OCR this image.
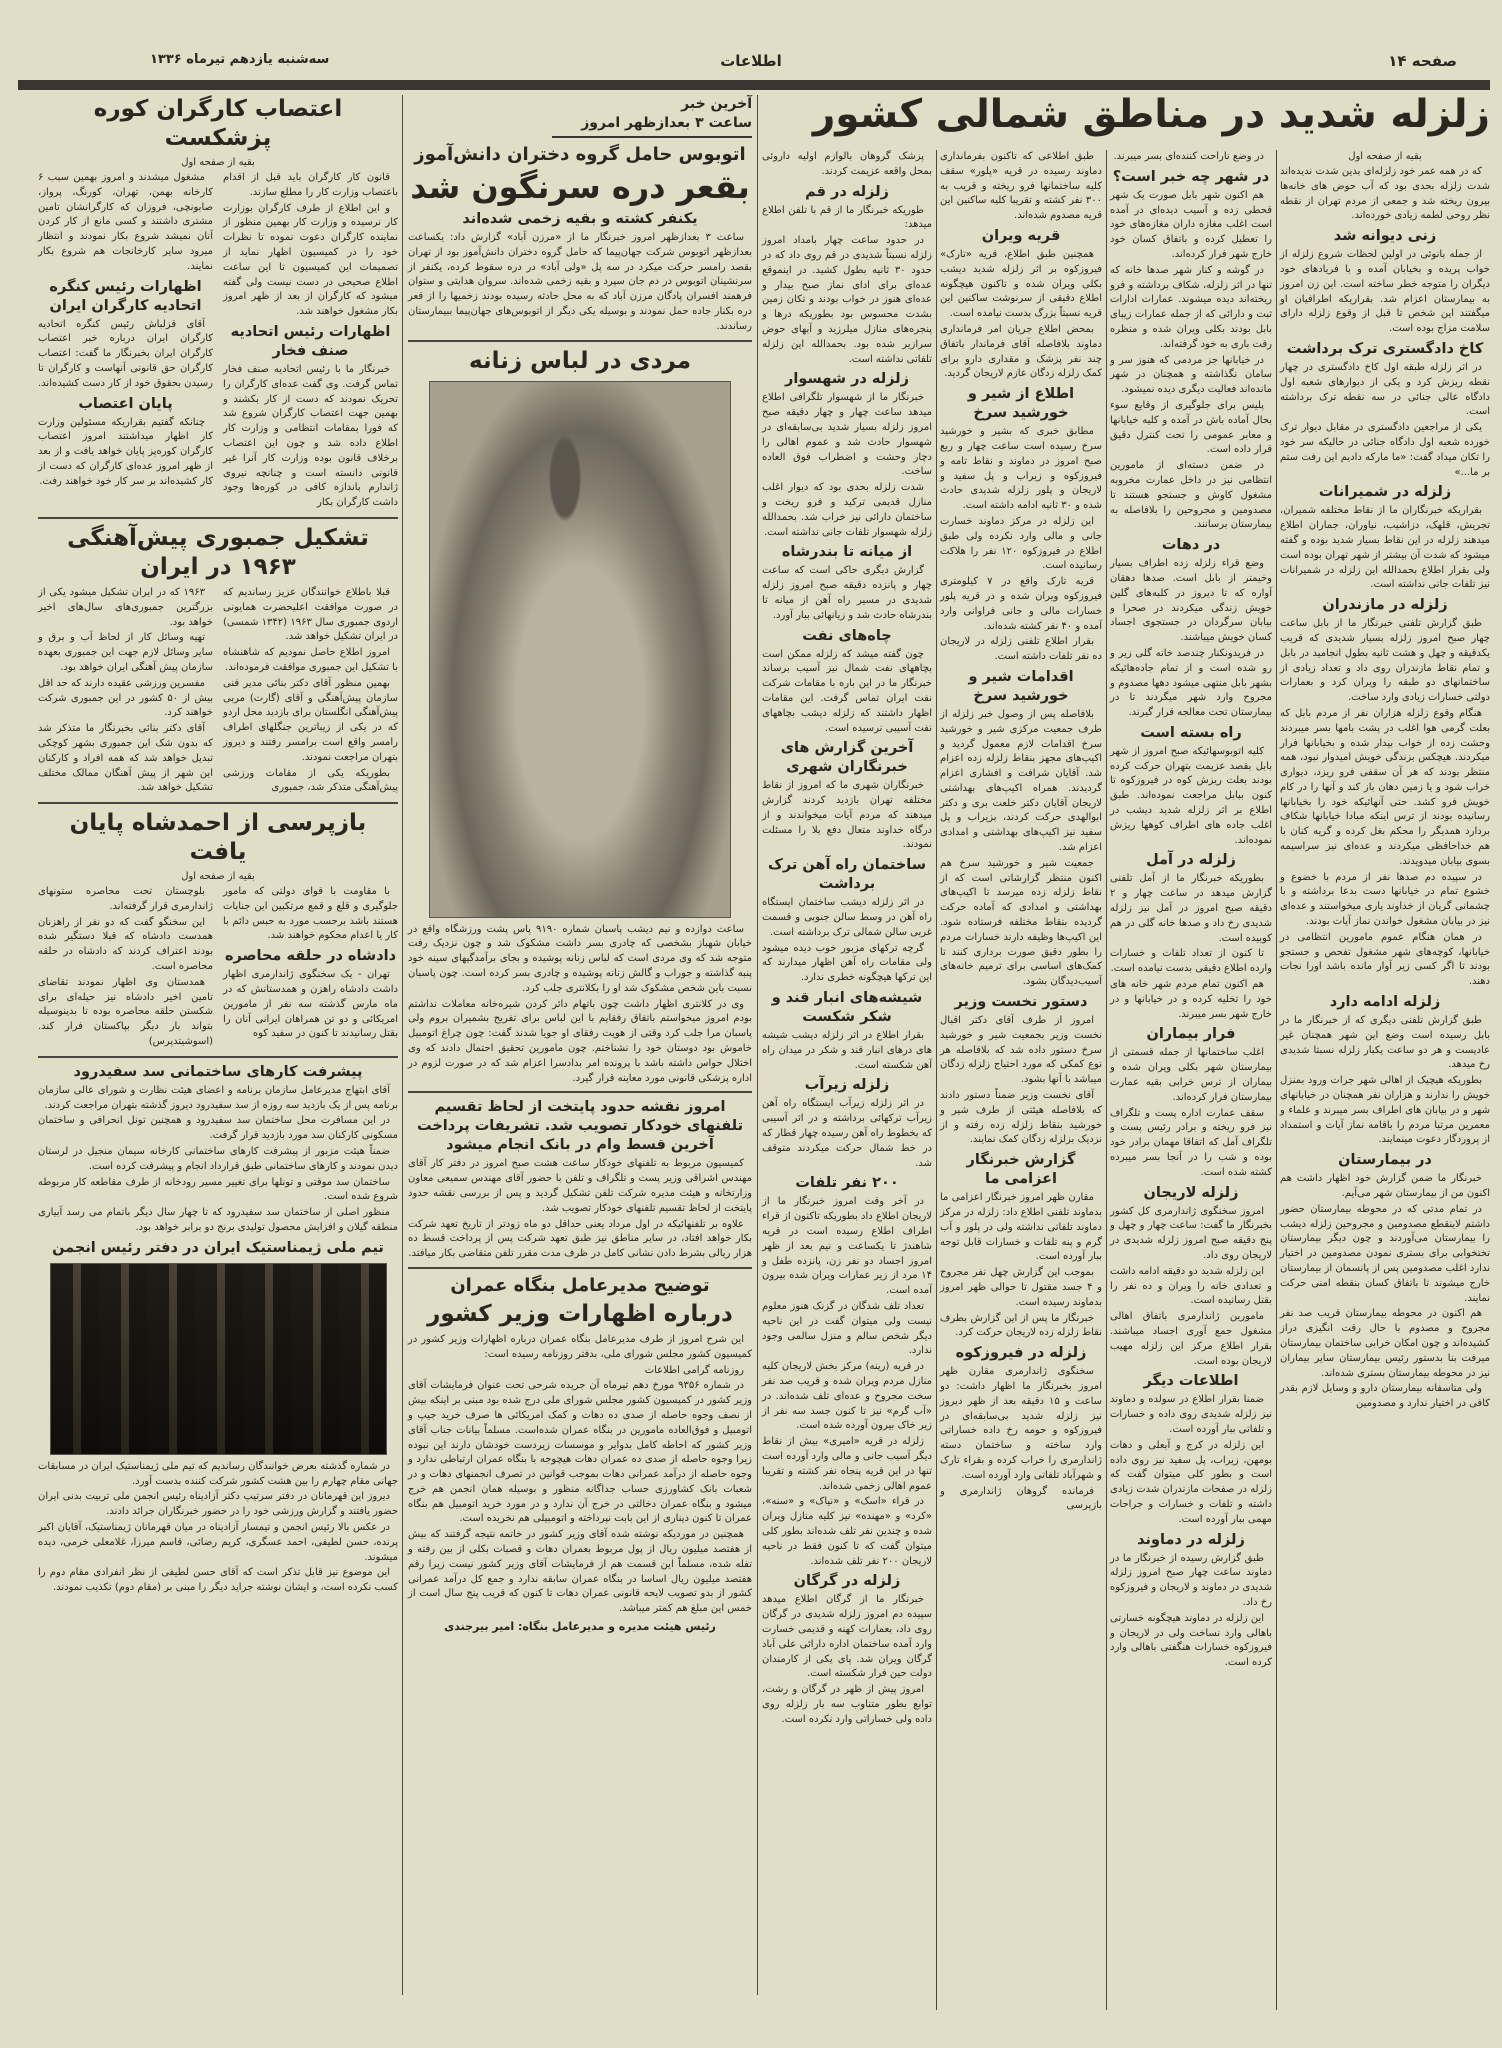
صفحه ۱۴
اطلاعات
سه‌شنبه یازدهم تیرماه ۱۳۳۶
زلزله شدید در مناطق شمالی کشور
بقیه از صفحه اول
که در همه عمر خود زلزله‌ای بدین شدت ندیده‌اند شدت زلزله بحدی بود که آب حوض های خانه‌ها بیرون ریخته شد و جمعی از مردم تهران از نقطه نظر روحی لطمه زیادی خورده‌اند.
زنی دیوانه شد
از جمله بانوئی در اولین لحظات شروع زلزله از خواب پریده و بخیابان آمده و با فریادهای خود دیگران را متوجه خطر ساخته است. این زن امروز به بیمارستان اعزام شد. بقراریکه اطرافیان او میگفتند این شخص تا قبل از وقوع زلزله دارای سلامت مزاج بوده است.
کاخ دادگستری ترک برداشت
در اثر زلزله طبقه اول کاخ دادگستری در چهار نقطه ریزش کرد و یکی از دیوارهای شعبه اول دادگاه عالی جنائی در سه نقطه ترک برداشته است.
یکی از مراجعین دادگستری در مقابل دیوار ترک خورده شعبه اول دادگاه جنائی در حالیکه سر خود را تکان میداد گفت: «ما مارکه دادیم این رفت ستم بر ما...»
زلزله در شمیرانات
بقراریکه خبرنگاران ما از نقاط مختلفه شمیران، تجریش، قلهک، دزاشیب، نیاوران، جماران اطلاع میدهند زلزله در این نقاط بسیار شدید بوده و گفته میشود که شدت آن بیشتر از شهر تهران بوده است ولی بقرار اطلاع بحمدالله این زلزله در شمیرانات نیز تلفات جانی نداشته است.
زلزله در مازندران
طبق گزارش تلفنی خبرنگار ما از بابل ساعت چهار صبح امروز زلزله بسیار شدیدی که قریب یکدقیقه و چهل و هشت ثانیه بطول انجامید در بابل و تمام نقاط مازندران روی داد و تعداد زیادی از ساختمانهای دو طبقه را ویران کرد و بعمارات دولتی خسارات زیادی وارد ساخت.
هنگام وقوع زلزله هزاران نفر از مردم بابل که بعلت گرمی هوا اغلب در پشت بامها بسر میبردند وحشت زده از خواب بیدار شده و بخیابانها فرار میکردند. هیچکس بزندگی خویش امیدوار نبود، همه منتظر بودند که هر آن سقفی فرو ریزد، دیواری خراب شود و یا زمین دهان باز کند و آنها را در کام خویش فرو کشد. حتی آنهائیکه خود را بخیابانها رسانیده بودند از ترس اینکه مبادا خیابانها شکاف بردارد همدیگر را محکم بغل کرده و گریه کنان با هم خداحافظی میکردند و عده‌ای نیز سراسیمه بسوی بیابان میدویدند.
در سپیده دم صدها نفر از مردم با خضوع و خشوع تمام در خیابانها دست بدعا برداشته و با چشمانی گریان از خداوند یاری میخواستند و عده‌ای نیز در بیابان مشغول خواندن نماز آیات بودند.
در همان هنگام عموم مامورین انتظامی در خیابانها، کوچه‌های شهر مشغول تفحص و جستجو بودند تا اگر کسی زیر آوار مانده باشد اورا نجات دهند.
زلزله ادامه دارد
طبق گزارش تلفنی دیگری که از خبرنگار ما در بابل رسیده است وضع این شهر همچنان غیر عادیست و هر دو ساعت یکبار زلزله نسبتا شدیدی رخ میدهد.
بطوریکه هیچیک از اهالی شهر جرات ورود بمنزل خویش را ندارند و هزاران نفر همچنان در خیابانهای شهر و در بیابان های اطراف بسر میبرند و علماء و معمرین مرتبا مردم را باقامه نماز آیات و استمداد از پروردگار دعوت مینمایند.
در بیمارستان
خبرنگار ما ضمن گزارش خود اظهار داشت هم اکنون من از بیمارستان شهر می‌آیم.
در تمام مدتی که در محوطه بیمارستان حضور داشتم لاینقطع مصدومین و مجروحین زلزله دیشب را بیمارستان می‌آوردند و چون دیگر بیمارستان تختخوابی برای بستری نمودن مصدومین در اختیار ندارد اغلب مصدومین پس از پانسمان از بیمارستان خارج میشوند تا باتفاق کسان بنقطه امنی حرکت نمایند.
هم اکنون در محوطه بیمارستان قریب صد نفر مجروح و مصدوم با حال رقت انگیزی دراز کشیده‌اند و چون امکان خرابی ساختمان بیمارستان میرفت بنا بدستور رئیس بیمارستان سایر بیماران نیز در محوطه بیمارستان بستری شده‌اند.
ولی متاسفانه بیمارستان دارو و وسایل لازم بقدر کافی در اختیار ندارد و مصدومین
در وضع ناراحت کننده‌ای بسر میبرند.
در شهر چه خبر است؟
هم اکنون شهر بابل صورت یک شهر قحطی زده و آسیب دیده‌ای در آمده است اغلب مغازه داران مغازه‌های خود را تعطیل کرده و باتفاق کسان خود خارج شهر فرار کرده‌اند.
در گوشه و کنار شهر صدها خانه که تنها در اثر زلزله، شکاف برداشته و فرو ریخته‌اند دیده میشوند. عمارات ادارات ثبت و دارائی که از جمله عمارات زیبای بابل بودند بکلی ویران شده و منظره رقت باری به خود گرفته‌اند.
در خیابانها جز مردمی که هنوز سر و سامان نگذاشته و همچنان در شهر مانده‌اند فعالیت دیگری دیده نمیشود.
پلیس برای جلوگیری از وقایع سوء بحال آماده باش در آمده و کلیه خیابانها و معابر عمومی را تحت کنترل دقیق قرار داده است.
در ضمن دسته‌ای از مامورین انتظامی نیز در داخل عمارت مخروبه مشغول کاوش و جستجو هستند تا مصدومین و مجروحین را بلافاصله به بیمارستان برسانند.
در دهات
وضع قراء زلزله زده اطراف بسیار وخیمتر از بابل است. صدها دهقان آواره که تا دیروز در کلبه‌های گلین خویش زندگی میکردند در صحرا و بیابان سرگردان در جستجوی اجساد کسان خویش میباشند.
در فریدونکنار چندصد خانه گلی زیر و رو شده است و از تمام جاده‌هائیکه بشهر بابل منتهی میشود دهها مصدوم و مجروح وارد شهر میگردند تا در بیمارستان تحت معالجه قرار گیرند.
راه بسته است
کلیه اتوبوسهائیکه صبح امروز از شهر بابل بقصد عزیمت بتهران حرکت کرده بودند بعلت ریزش کوه در فیروزکوه تا کنون ببابل مراجعت نموده‌اند. طبق اطلاع بر اثر زلزله شدید دیشب در اغلب جاده های اطراف کوهها ریزش نموده‌اند.
زلزله در آمل
بطوریکه خبرنگار ما از آمل تلفنی گزارش میدهد در ساعت چهار و ۲ دقیقه صبح امروز در آمل نیز زلزله شدیدی رخ داد و صدها خانه گلی در هم کوبیده است.
تا کنون از تعداد تلفات و خسارات وارده اطلاع دقیقی بدست نیامده است.
هم اکنون تمام مردم شهر خانه های خود را تخلیه کرده و در خیابانها و در خارج شهر بسر میبرند.
فرار بیماران
اغلب ساختمانها از جمله قسمتی از بیمارستان شهر بکلی ویران شده و بیماران از ترس خرابی بقیه عمارت بیمارستان فرار کرده‌اند.
سقف عمارت اداره پست و تلگراف نیز فرو ریخته و برادر رئیس پست و تلگراف آمل که اتفاقا مهمان برادر خود بوده و شب را در آنجا بسر میبرده کشته شده است.
زلزله لاریجان
امروز سخنگوی ژاندارمری کل کشور بخبرنگار ما گفت: ساعت چهار و چهل و پنج دقیقه صبح امروز زلزله شدیدی در لاریجان روی داد.
این زلزله شدید دو دقیقه ادامه داشت و تعدادی خانه را ویران و ده نفر را بقتل رسانیده است.
مامورین ژاندارمری باتفاق اهالی مشغول جمع آوری اجساد میباشند. بقرار اطلاع مرکز این زلزله مهیب لاریجان بوده است.
اطلاعات دیگر
ضمنا بقرار اطلاع در سولده و دماوند نیز زلزله شدیدی روی داده و خسارات و تلفاتی ببار آورده است.
این زلزله در کرج و آبعلی و دهات بومهن، زیراب، پل سفید نیز روی داده است و بطور کلی میتوان گفت که زلزله در صفحات مازندران شدت زیادی داشته و تلفات و خسارات و جراحات مهمی ببار آورده است.
زلزله در دماوند
طبق گزارش رسیده از خبرنگار ما در دماوند ساعت چهار صبح امروز زلزله شدیدی در دماوند و لاریجان و فیروزکوه رخ داد.
این زلزله در دماوند هیچگونه خسارتی باهالی وارد نساخت ولی در لاریجان و فیروزکوه خسارات هنگفتی باهالی وارد کرده است.
طبق اطلاعی که تاکنون بفرمانداری دماوند رسیده در قریه «پلور» سقف کلیه ساختمانها فرو ریخته و قریب به ۳۰۰ نفر کشته و تقریبا کلیه ساکنین این قریه مصدوم شده‌اند.
قریه ویران
همچنین طبق اطلاع، قریه «تارک» فیروزکوه بر اثر زلزله شدید دیشب بکلی ویران شده و تاکنون هیچگونه اطلاع دقیقی از سرنوشت ساکنین این قریه نسبتاً بزرگ بدست نیامده است.
بمحض اطلاع جریان امر فرمانداری دماوند بلافاصله آقای فرماندار باتفاق چند نفر پزشک و مقداری دارو برای کمک زلزله زدگان عازم لاریجان گردید.
اطلاع از شیر و خورشید سرخ
مطابق خبری که بشیر و خورشید سرخ رسیده است ساعت چهار و ربع صبح امروز در دماوند و نقاط تامه و فیروزکوه و زیراب و پل سفید و لاریجان و پلور زلزله شدیدی حادث شده و ۳۰ ثانیه ادامه داشته است.
این زلزله در مرکز دماوند خسارت جانی و مالی وارد نکرده ولی طبق اطلاع در فیروزکوه ۱۲۰ نفر را هلاکت رسانیده است.
قریه تارک واقع در ۷ کیلومتری فیروزکوه ویران شده و در قریه پلور خسارات مالی و جانی فراوانی وارد آمده و ۴۰ نفر کشته شده‌اند.
بقرار اطلاع تلفنی زلزله در لاریجان ده نفر تلفات داشته است.
اقدامات شیر و خورشید سرخ
بلافاصله پس از وصول خبر زلزله از طرف جمعیت مرکزی شیر و خورشید سرخ اقدامات لازم معمول گردید و اکیپ‌های مجهز بنقاط زلزله زده اعزام شد. آقایان شرافت و افشاری اعزام گردیدند. همراه اکیپ‌های بهداشتی لاریجان آقایان دکتر خلعت بری و دکتر ابوالهدی حرکت کردند، بزیراب و پل سفید نیز اکیپ‌های بهداشتی و امدادی اعزام شد.
جمعیت شیر و خورشید سرخ هم اکنون منتظر گزارشاتی است که از نقاط زلزله زده میرسد تا اکیپ‌های بهداشتی و امدادی که آماده حرکت گردیده بنقاط مختلفه فرستاده شود. این اکیپ‌ها وظیفه دارند خسارات مردم را بطور دقیق صورت برداری کنند تا کمک‌های اساسی برای ترمیم خانه‌های آسیب‌دیدگان بشود.
دستور نخست وزیر
امروز از طرف آقای دکتر اقبال نخست وزیر بجمعیت شیر و خورشید سرخ دستور داده شد که بلافاصله هر نوع کمکی که مورد احتیاج زلزله زدگان میباشد با آنها بشود.
آقای نخست وزیر ضمناً دستور دادند که بلافاصله هیئتی از طرف شیر و خورشید بنقاط زلزله زده رفته و از نزدیک بزلزله زدگان کمک نمایند.
گزارش خبرنگار اعزامی ما
مقارن ظهر امروز خبرنگار اعزامی ما بدماوند تلفنی اطلاع داد: زلزله در مرکز دماوند تلفاتی نداشته ولی در پلور و آب گرم و پنه تلفات و خسارات قابل توجه ببار آورده است.
بموجب این گزارش چهل نفر مجروح و ۴ جسد مقتول تا حوالی ظهر امروز بدماوند رسیده است.
خبرنگار ما پس از این گزارش بطرف نقاط زلزله زده لاریجان حرکت کرد.
زلزله در فیروزکوه
سخنگوی ژاندارمری مقارن ظهر امروز بخبرنگار ما اظهار داشت: دو ساعت و ۱۵ دقیقه بعد از ظهر دیروز نیز زلزله شدید بی‌سابقه‌ای در فیروزکوه و حومه رخ داده خساراتی وارد ساخته و ساختمان دسته ژاندارمری را خراب کرده و بقراء تارک و شهرآباد تلفاتی وارد آورده است.
فرمانده گروهان ژاندارمری و بازپرسی
پزشک گروهان بالوازم اولیه داروئی بمحل واقعه عزیمت کردند.
زلزله در قم
طوریکه خبرنگار ما از قم با تلفن اطلاع میدهد:
در حدود ساعت چهار بامداد امروز زلزله نسبتاً شدیدی در قم روی داد که در حدود ۳۰ ثانیه بطول کشید. در اینموقع عده‌ای برای ادای نماز صبح بیدار و عده‌ای هنوز در خواب بودند و تکان زمین بشدت محسوس بود بطوریکه درها و پنجره‌های منازل میلرزید و آبهای حوض سرازیر شده بود. بحمدالله این زلزله تلفاتی نداشته است.
زلزله در شهسوار
خبرنگار ما از شهسوار تلگرافی اطلاع میدهد ساعت چهار و چهار دقیقه صبح امروز زلزله بسیار شدید بی‌سابقه‌ای در شهسوار حادث شد و عموم اهالی را دچار وحشت و اضطراب فوق العاده ساخت.
شدت زلزله بحدی بود که دیوار اغلب منازل قدیمی ترکید و فرو ریخت و ساختمان دارائی نیز خراب شد. بحمدالله زلزله شهسوار تلفات جانی نداشته است.
از میانه تا بندرشاه
گزارش دیگری حاکی است که ساعت چهار و پانزده دقیقه صبح امروز زلزله شدیدی در مسیر راه آهن از میانه تا بندرشاه حادث شد و زیانهائی ببار آورد.
چاه‌های نفت
چون گفته میشد که زلزله ممکن است بچاههای نفت شمال نیز آسیب برساند خبرنگار ما در این باره با مقامات شرکت نفت ایران تماس گرفت. این مقامات اظهار داشتند که زلزله دیشب بچاههای نفت آسیبی نرسیده است.
آخرین گزارش های خبرنگاران شهری
خبرنگاران شهری ما که امروز از نقاط مختلفه تهران بازدید کردند گزارش میدهند که مردم آیات میخواندند و از درگاه خداوند متعال دفع بلا را مسئلت نمودند.
ساختمان راه آهن ترک برداشت
در اثر زلزله دیشب ساختمان ایستگاه راه آهن در وسط سالن جنوبی و قسمت غربی سالن شمالی ترک برداشته است.
گرچه ترکهای مزبور خوب دیده میشود ولی مقامات راه آهن اظهار میدارند که این ترکها هیچگونه خطری ندارد.
شیشه‌های انبار قند و شکر شکست
بقرار اطلاع در اثر زلزله دیشب شیشه های درهای انبار قند و شکر در میدان راه آهن شکسته است.
زلزله زیرآب
در اثر زلزله زیرآب ایستگاه راه آهن زیرآب ترکهائی برداشته و در اثر آسیبی که بخطوط راه آهن رسیده چهار قطار که در خط شمال حرکت میکردند متوقف شد.
۲۰۰ نفر تلفات
در آخر وقت امروز خبرنگار ما از لاریجان اطلاع داد بطوریکه تاکنون از قراء اطراف اطلاع رسیده است در قریه شاهندژ تا یکساعت و نیم بعد از ظهر امروز اجساد دو نفر زن، پانزده طفل و ۱۴ مرد از زیر عمارات ویران شده بیرون آمده است.
تعداد تلف شدگان در گزنک هنوز معلوم نیست ولی میتوان گفت در این ناحیه دیگر شخص سالم و منزل سالمی وجود ندارد.
در قریه (رینه) مرکز بخش لاریجان کلیه منازل مردم ویران شده و قریب صد نفر سخت مجروح و عده‌ای تلف شده‌اند. در «آب گرم» نیز تا کنون جسد سه نفر از زیر خاک بیرون آورده شده است.
زلزله در قریه «امیری» بیش از نقاط دیگر آسیب جانی و مالی وارد آورده است تنها در این قریه پنجاه نفر کشته و تقریبا عموم اهالی زخمی شده‌اند.
در قراء «اسک» و «نیاک» و «سنه»، «کرد» و «مهنده» نیز کلیه منازل ویران شده و چندین نفر تلف شده‌اند بطور کلی میتوان گفت که تا کنون فقط در ناحیه لاریجان ۲۰۰ نفر تلف شده‌اند.
زلزله در گرگان
خبرنگار ما از گرگان اطلاع میدهد سپیده دم امروز زلزله شدیدی در گرگان روی داد، بعمارات کهنه و قدیمی خسارت وارد آمده ساختمان اداره دارائی علی آباد گرگان ویران شد. پای یکی از کارمندان دولت حین فرار شکسته است.
امروز پیش از ظهر در گرگان و رشت، توابع بطور متناوب سه بار زلزله روی داده ولی خساراتی وارد نکرده است.
آخرین خبر
ساعت ۳ بعدازظهر امروز
اتوبوس حامل گروه دختران دانش‌آموز
بقعر دره سرنگون شد
یکنفر کشته و بقیه زخمی شده‌اند
ساعت ۳ بعدازظهر امروز خبرنگار ما از «مرزن آباد» گزارش داد: یکساعت بعدازظهر اتوبوس شرکت جهان‌پیما که حامل گروه دختران دانش‌آموز بود از تهران بقصد رامسر حرکت میکرد در سه پل «ولی آباد» در دره سقوط کرده، یکنفر از سرنشینان اتوبوس در دم جان سپرد و بقیه زخمی شده‌اند. سروان هدایتی و ستوان فرهمند افسران پادگان مرزن آباد که به محل حادثه رسیده بودند زخمیها را از قعر دره بکنار جاده حمل نمودند و بوسیله یکی دیگر از اتوبوس‌های جهان‌پیما ببیمارستان رساندند.
مردی در لباس زنانه
ساعت دوازده و نیم دیشب پاسبان شماره ۹۱۹۰ پاس پشت ورزشگاه واقع در خیابان شهباز بشخصی که چادری بسر داشت مشکوک شد و چون نزدیک رفت متوجه شد که وی مردی است که لباس زنانه پوشیده و بجای برآمدگیهای سینه خود پنبه گذاشته و جوراب و گالش زنانه پوشیده و چادری بسر کرده است. چون پاسبان نسبت باین شخص مشکوک شد او را بکلانتری جلب کرد.
وی در کلانتری اظهار داشت چون باتهام دائر کردن شیره‌خانه معاملات نداشتم بودم امروز میخواستم باتفاق رفقایم با این لباس برای تفریح بشمیران بروم ولی پاسبان مرا جلب کرد وقتی از هویت رفقای او جویا شدند گفت: چون چراغ اتومبیل خاموش بود دوستان خود را نشناختم. چون مامورین تحقیق احتمال دادند که وی اختلال حواس داشته باشد با پرونده امر بدادسرا اعزام شد که در صورت لزوم در اداره پزشکی قانونی مورد معاینه قرار گیرد.
امروز نقشه حدود پایتخت از لحاظ تقسیم تلفنهای خودکار تصویب شد. تشریفات پرداخت آخرین قسط وام در بانک انجام میشود
کمیسیون مربوط به تلفنهای خودکار ساعت هشت صبح امروز در دفتر کار آقای مهندس اشراقی وزیر پست و تلگراف و تلفن با حضور آقای مهندس سمیعی معاون وزارتخانه و هیئت مدیره شرکت تلفن تشکیل گردید و پس از بررسی نقشه حدود پایتخت از لحاظ تقسیم تلفنهای خودکار تصویب شد.
علاوه بر تلفنهائیکه در اول مرداد یعنی حداقل دو ماه زودتر از تاریخ تعهد شرکت بکار خواهد افتاد، در سایر مناطق نیز طبق تعهد شرکت پس از پرداخت قسط ده هزار ریالی بشرط دادن نشانی کامل در ظرف مدت مقرر تلفن متقاضی بکار میافتد.
توضیح مدیرعامل بنگاه عمران
درباره اظهارات وزیر کشور
این شرح امروز از طرف مدیرعامل بنگاه عمران درباره اظهارات وزیر کشور در کمیسیون کشور مجلس شورای ملی، بدفتر روزنامه رسیده است:
روزنامه گرامی اطلاعات
در شماره ۹۳۵۶ مورخ دهم تیرماه آن جریده شرحی تحت عنوان فرمایشات آقای وزیر کشور در کمیسیون کشور مجلس شورای ملی درج شده بود مبنی بر اینکه بیش از نصف وجوه حاصله از صدی ده دهات و کمک امریکائی ها صرف خرید جیپ و اتومبیل و فوق‌العاده مامورین در بنگاه عمران شده‌است. مسلماً بیانات جناب آقای وزیر کشور که احاطه کامل بدوایر و موسسات زیردست خودشان دارند این نبوده زیرا وجوه حاصله از صدی ده عمران دهات هیچوجه با بنگاه عمران ارتباطی ندارد و وجوه حاصله از درآمد عمرانی دهات بموجب قوانین در تصرف انجمنهای دهات و در شعبات بانک کشاورزی حساب جداگانه منظور و بوسیله همان انجمن هم خرج میشود و بنگاه عمران دخالتی در خرج آن ندارد و در مورد خرید اتومبیل هم بنگاه عمران تا کنون دیناری از این بابت نپرداخته و اتومبیلی هم نخریده است.
همچنین در موردیکه نوشته شده آقای وزیر کشور در خاتمه نتیجه گرفتند که بیش از هفتصد میلیون ریال از پول مربوط بعمران دهات و قصبات بکلی از بین رفته و تفله شده، مسلماً این قسمت هم از فرمایشات آقای وزیر کشور نیست زیرا رقم هفتصد میلیون ریال اساسا در بنگاه عمران سابقه ندارد و جمع کل درآمد عمرانی کشور از بدو تصویب لایحه قانونی عمران دهات تا کنون که قریب پنج سال است از خمس این مبلغ هم کمتر میباشد.
رئیس هیئت مدیره و مدیرعامل بنگاه: امیر بیرجندی
اعتصاب کارگران کوره پزشکست
بقیه از صفحه اول
قانون کار کارگران باید قبل از اقدام باعتصاب وزارت کار را مطلع سازند.
و این اطلاع از طرف کارگران بوزارت کار نرسیده و وزارت کار بهمین منظور از نماینده کارگران دعوت نموده تا نظرات خود را در کمیسیون اظهار نماید از تصمیمات این کمیسیون تا این ساعت اطلاع صحیحی در دست نیست ولی گفته میشود که کارگران از بعد از ظهر امروز بکار مشغول خواهند شد.
اظهارات رئیس اتحادیه صنف فخار
خبرنگار ما با رئیس اتحادیه صنف فخار تماس گرفت. وی گفت عده‌ای کارگران را تحریک نمودند که دست از کار بکشند و بهمین جهت اعتصاب کارگران شروع شد که فورا بمقامات انتظامی و وزارت کار اطلاع داده شد و چون این اعتصاب برخلاف قانون بوده وزارت کار آنرا غیر قانونی دانسته است و چنانچه نیروی ژاندارم باندازه کافی در کوره‌ها وجود داشت کارگران بکار
مشغول میشدند و امروز بهمین سبب ۶ کارخانه بهمن، تهران، کورنگ، پرواز، صابونچی، فروزان که کارگرانشان تامین مشتری داشتند و کسی مانع از کار کردن آنان نمیشد شروع بکار نمودند و انتظار میرود سایر کارخانجات هم شروع بکار نمایند.
اظهارات رئیس کنگره اتحادیه کارگران ایران
آقای قزلباش رئیس کنگره اتحادیه کارگران ایران درباره خبر اعتصاب کارگران ایران بخبرنگار ما گفت: اعتصاب کارگران حق قانونی آنهاست و کارگران تا رسیدن بحقوق خود از کار دست کشیده‌اند.
پایان اعتصاب
چنانکه گفتیم بقراریکه مسئولین وزارت کار اظهار میداشتند امروز اعتصاب کارگران کوره‌پز پایان خواهد یافت و از بعد از ظهر امروز عده‌ای کارگران که دست از کار کشیده‌اند بر سر کار خود خواهند رفت.
تشکیل جمبوری پیش‌آهنگی ۱۹۶۳ در ایران
قبلا باطلاع خوانندگان عزیز رساندیم که در صورت موافقت اعلیحضرت همایونی اردوی جمبوری سال ۱۹۶۳ (۱۳۴۲ شمسی) در ایران تشکیل خواهد شد.
امروز اطلاع حاصل نمودیم که شاهنشاه با تشکیل این جمبوری موافقت فرموده‌اند.
بهمین منظور آقای دکتر بنائی مدیر فنی سازمان پیش‌آهنگی و آقای (گارت) مربی پیش‌آهنگی انگلستان برای بازدید محل اردو که در یکی از زیباترین جنگلهای اطراف رامسر واقع است برامسر رفتند و دیروز بتهران مراجعت نمودند.
بطوریکه یکی از مقامات ورزشی پیش‌آهنگی متذکر شد، جمبوری
۱۹۶۳ که در ایران تشکیل میشود یکی از بزرگترین جمبوری‌های سال‌های اخیر خواهد بود.
تهیه وسائل کار از لحاظ آب و برق و سایر وسائل لازم جهت این جمبوری بعهده سازمان پیش آهنگی ایران خواهد بود.
مفسرین ورزشی عقیده دارند که حد اقل بیش از ۵۰ کشور در این جمبوری شرکت خواهند کرد.
آقای دکتر بنائی بخبرنگار ما متذکر شد که بدون شک این جمبوری بشهر کوچکی تبدیل خواهد شد که همه افراد و کارکنان این شهر از پیش آهنگان ممالک مختلف تشکیل خواهد شد.
بازپرسی از احمدشاه پایان یافت
بقیه از صفحه اول
با مقاومت با قوای دولتی که مامور جلوگیری و قلع و قمع مرتکبین این جنایات هستند باشد برحسب مورد به حبس دائم با کار یا اعدام محکوم خواهند شد.
دادشاه در حلقه محاصره
تهران - یک سخنگوی ژاندارمری اظهار داشت دادشاه راهزن و همدستانش که در ماه مارس گذشته سه نفر از مامورین امریکائی و دو تن همراهان ایرانی آنان را بقتل رسانیدند تا کنون در سفید کوه
بلوچستان تحت محاصره ستونهای ژاندارمری قرار گرفته‌اند.
این سخنگو گفت که دو نفر از راهزنان همدست دادشاه که قبلا دستگیر شده بودند اعتراف کردند که دادشاه در حلقه محاصره است.
همدستان وی اظهار نمودند تقاضای تامین اخیر دادشاه نیز حیله‌ای برای شکستن حلقه محاصره بوده تا بدینوسیله بتواند بار دیگر بپاکستان فرار کند. (اسوشیتدپرس)
پیشرفت کارهای ساختمانی سد سفیدرود
آقای ابتهاج مدیرعامل سازمان برنامه و اعضای هیئت نظارت و شورای عالی سازمان برنامه پس از یک بازدید سه روزه از سد سفیدرود دیروز گذشته بتهران مراجعت کردند.
در این مسافرت محل ساختمان سد سفیدرود و همچنین تونل انحرافی و ساختمان مسکونی کارکنان سد مورد بازدید قرار گرفت.
ضمناً هیئت مزبور از پیشرفت کارهای ساختمانی کارخانه سیمان منجیل در لرستان دیدن نمودند و کارهای ساختمانی طبق قرارداد انجام و پیشرفت کرده است.
ساختمان سد موقتی و تونلها برای تغییر مسیر رودخانه از طرف مقاطعه کار مربوطه شروع شده است.
منظور اصلی از ساختمان سد سفیدرود که تا چهار سال دیگر باتمام می رسد آبیاری منطقه گیلان و افزایش محصول تولیدی برنج دو برابر خواهد بود.
تیم ملی ژیمناستیک ایران در دفتر رئیس انجمن
در شماره گذشته بعرض خوانندگان رساندیم که تیم ملی ژیمناستیک ایران در مسابقات جهانی مقام چهارم را بین هشت کشور شرکت کننده بدست آورد.
دیروز این قهرمانان در دفتر سرتیپ دکتر آزادیناه رئیس انجمن ملی تربیت بدنی ایران حضور یافتند و گزارش ورزشی خود را در حضور خبرنگاران جرائد دادند.
در عکس بالا رئیس انجمن و تیمسار آزادیناه در میان قهرمانان ژیمناستیک، آقایان اکبر پرنده، حسن لطیفی، احمد عسگری، کریم رضائی، قاسم میرزا، غلامعلی خرمی، دیده میشوند.
این موضوع نیز قابل تذکر است که آقای حسن لطیفی از نظر انفرادی مقام دوم را کسب نکرده است، و ایشان نوشته جراید دیگر را مبنی بر (مقام دوم) تکذیب نمودند.
